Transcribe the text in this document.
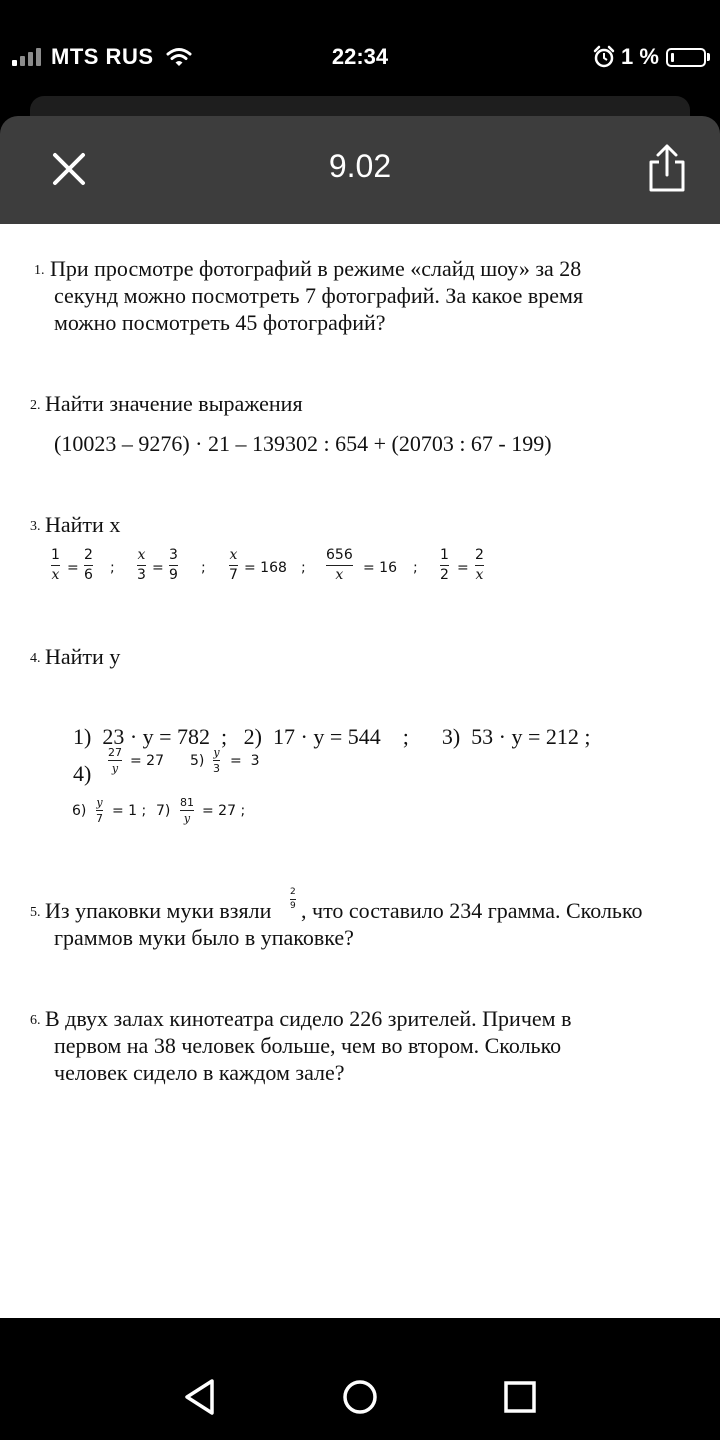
MTS RUS	22:34	1 %
9.02
1. При просмотре фотографий в режиме «слайд шоу» за 28
секунд можно посмотреть 7 фотографий. За какое время
можно посмотреть 45 фотографий?
2. Найти значение выражения
(10023 – 9276) · 21 – 139302 : 654 + (20703 : 67 - 199)
3. Найти х
1
x =
2
6 ;
x
3 =
3
9 ;
x
7 = 168 ;
656
x = 16 ;
1
2 =
2
x
4. Найти у
1)  23 · у = 782  ;   2)  17 · у = 544    ;      3)  53 · у = 212 ;
4)
27
y = 27 5)
y
3 =  3
6)
y
7 = 1 ; 7)
81
y = 27 ;
5. Из упаковки муки взяли
2
9 , что составило 234 грамма. Сколько
граммов муки было в упаковке?
6. В двух залах кинотеатра сидело 226 зрителей. Причем в
первом на 38 человек больше, чем во втором. Сколько
человек сидело в каждом зале?
